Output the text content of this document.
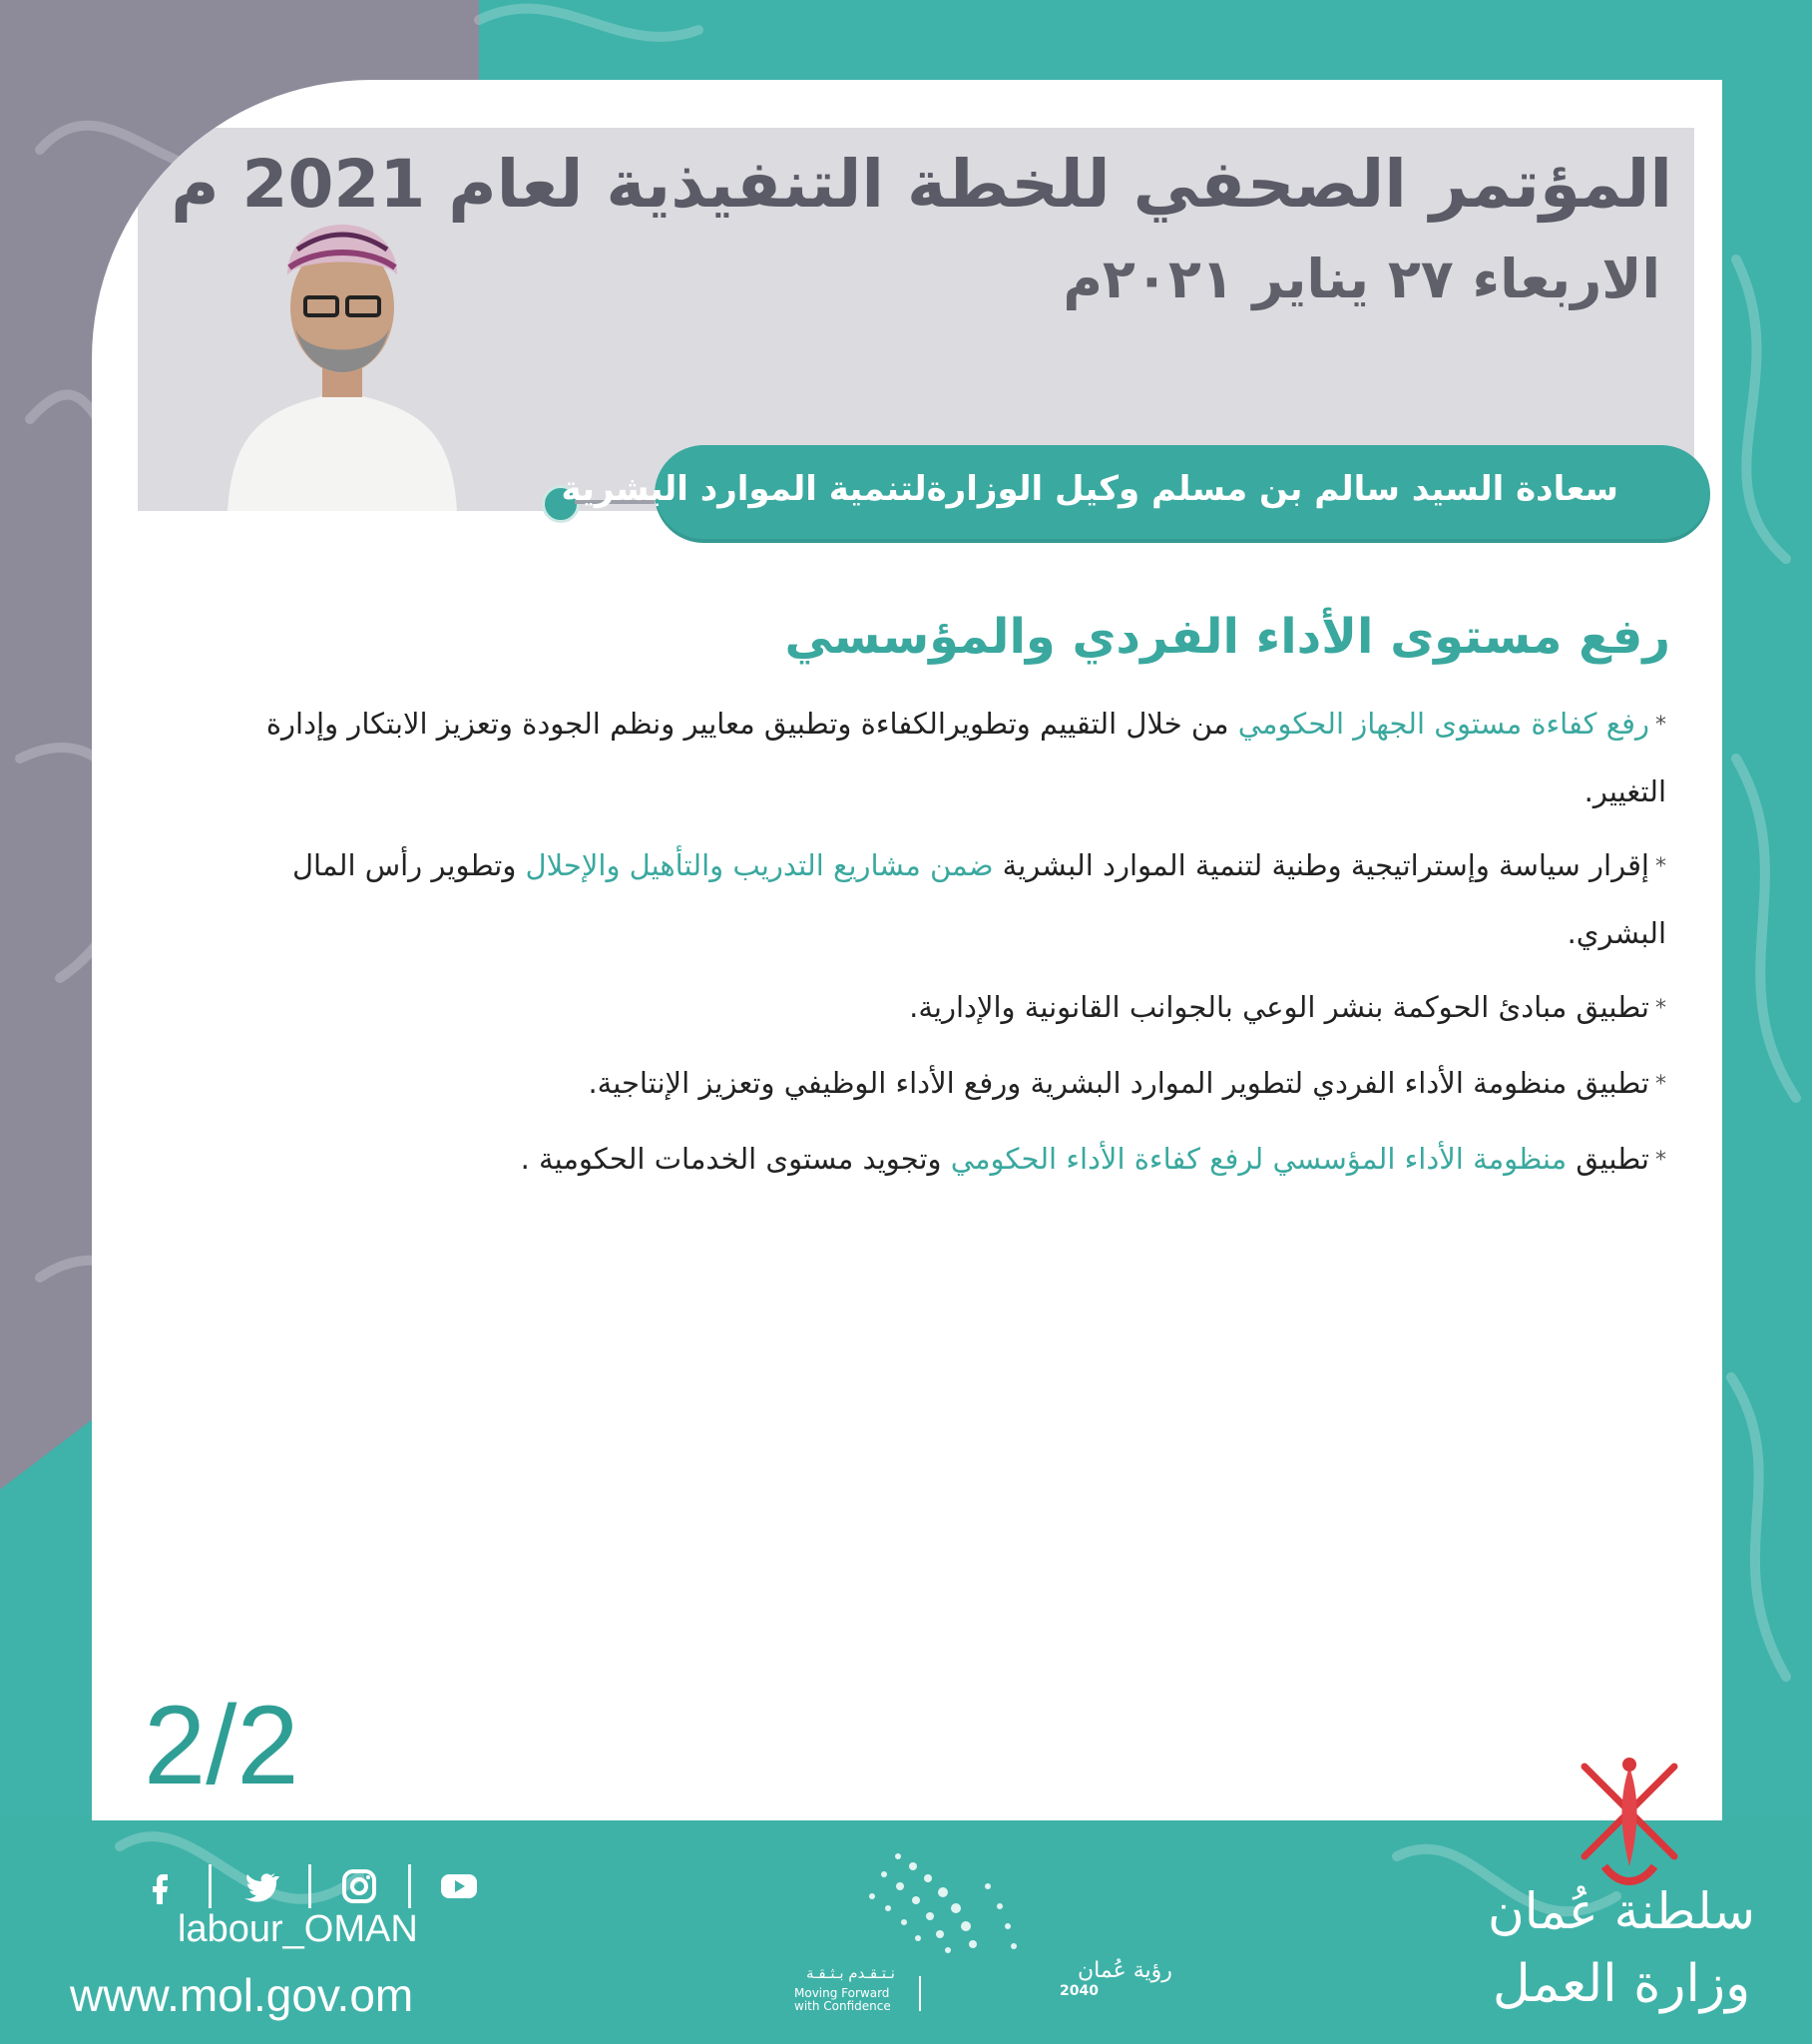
المؤتمر الصحفي للخطة التنفيذية لعام 2021 م

الاربعاء ٢٧ يناير ٢٠٢١م

سعادة السيد سالم بن مسلم وكيل الوزارةلتنمية الموارد البشرية

رفع مستوى الأداء الفردي والمؤسسي
*رفع كفاءة مستوى الجهاز الحكومي من خلال التقييم وتطويرالكفاءة وتطبيق معايير ونظم الجودة وتعزيز الابتكار وإدارة التغيير.
*إقرار سياسة وإستراتيجية وطنية لتنمية الموارد البشرية ضمن مشاريع التدريب والتأهيل والإحلال وتطوير رأس المال البشري.
*تطبيق مبادئ الحوكمة بنشر الوعي بالجوانب القانونية والإدارية.
*تطبيق منظومة الأداء الفردي لتطوير الموارد البشرية ورفع الأداء الوظيفي وتعزيز الإنتاجية.
*تطبيق منظومة الأداء المؤسسي لرفع كفاءة الأداء الحكومي وتجويد مستوى الخدمات الحكومية .

2/2

labour_OMAN

www.mol.gov.om	نـتـقـدم بـثـقـة

Moving Forward

with Confidence

رؤية عُمان

2040

سلطنة عُمان

وزارة العمل
